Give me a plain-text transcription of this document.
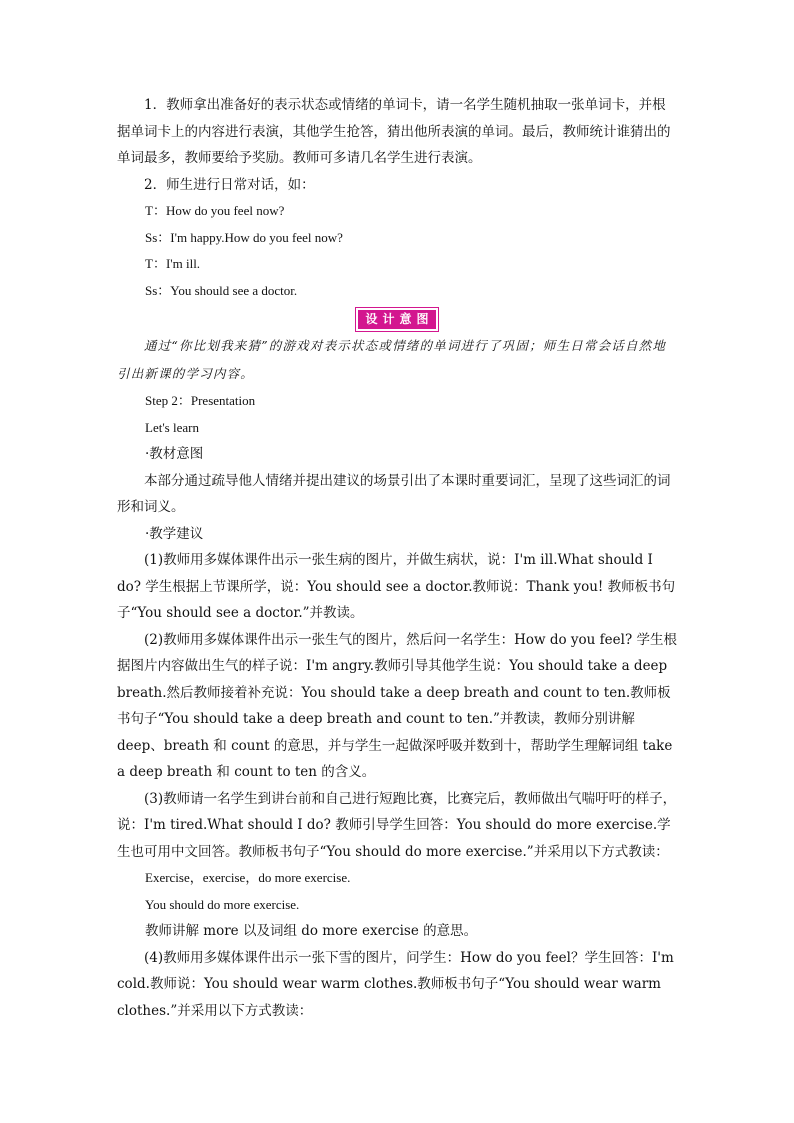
1．教师拿出准备好的表示状态或情绪的单词卡，请一名学生随机抽取一张单词卡，并根据单词卡上的内容进行表演，其他学生抢答，猜出他所表演的单词。最后，教师统计谁猜出的单词最多，教师要给予奖励。教师可多请几名学生进行表演。

2．师生进行日常对话，如：

T：How do you feel now?

Ss：I'm happy.How do you feel now?

T：I'm ill.

Ss：You should see a doctor.

设计意图

通过“你比划我来猜”的游戏对表示状态或情绪的单词进行了巩固；师生日常会话自然地引出新课的学习内容。

Step 2：Presentation

Let's learn

·教材意图

本部分通过疏导他人情绪并提出建议的场景引出了本课时重要词汇，呈现了这些词汇的词形和词义。

·教学建议

(1)教师用多媒体课件出示一张生病的图片，并做生病状，说：I'm ill.What should I do? 学生根据上节课所学，说：You should see a doctor.教师说：Thank you! 教师板书句子“You should see a doctor.”并教读。

(2)教师用多媒体课件出示一张生气的图片，然后问一名学生：How do you feel? 学生根据图片内容做出生气的样子说：I'm angry.教师引导其他学生说：You should take a deep breath.然后教师接着补充说：You should take a deep breath and count to ten.教师板书句子“You should take a deep breath and count to ten.”并教读，教师分别讲解 deep、breath 和 count 的意思，并与学生一起做深呼吸并数到十，帮助学生理解词组 take a deep breath 和 count to ten 的含义。

(3)教师请一名学生到讲台前和自己进行短跑比赛，比赛完后，教师做出气喘吁吁的样子，说：I'm tired.What should I do? 教师引导学生回答：You should do more exercise.学生也可用中文回答。教师板书句子“You should do more exercise.”并采用以下方式教读：

Exercise，exercise，do more exercise.

You should do more exercise.

教师讲解 more 以及词组 do more exercise 的意思。

(4)教师用多媒体课件出示一张下雪的图片，问学生：How do you feel？学生回答：I'm cold.教师说：You should wear warm clothes.教师板书句子“You should wear warm clothes.”并采用以下方式教读：
